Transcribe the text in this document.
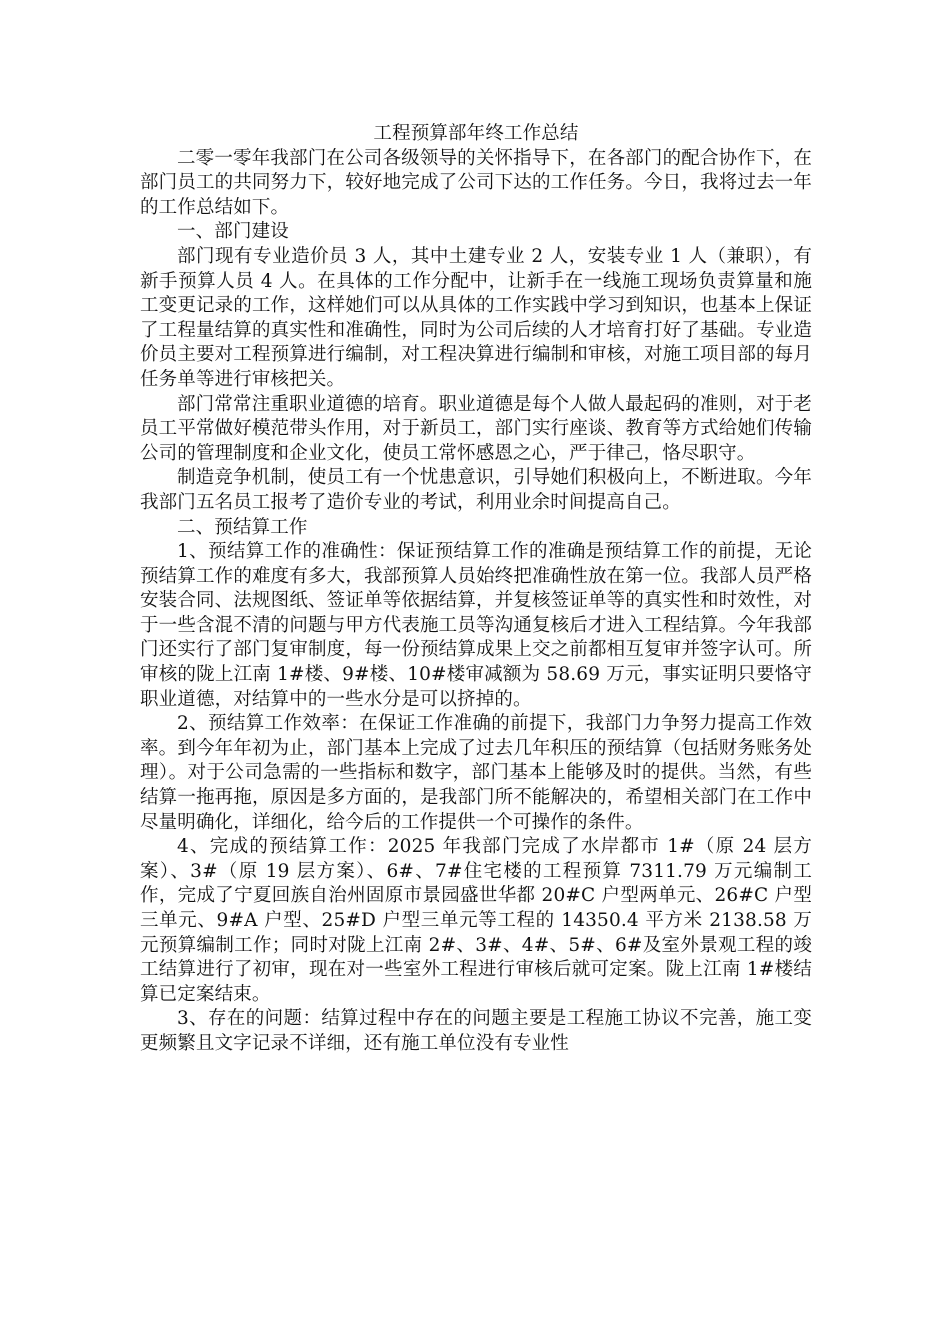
工程预算部年终工作总结

二零一零年我部门在公司各级领导的关怀指导下，在各部门的配合协作下，在部门员工的共同努力下，较好地完成了公司下达的工作任务。今日，我将过去一年的工作总结如下。

一、部门建设

部门现有专业造价员 3 人，其中土建专业 2 人，安装专业 1 人（兼职），有新手预算人员 4 人。在具体的工作分配中，让新手在一线施工现场负责算量和施工变更记录的工作，这样她们可以从具体的工作实践中学习到知识，也基本上保证了工程量结算的真实性和准确性，同时为公司后续的人才培育打好了基础。专业造价员主要对工程预算进行编制，对工程决算进行编制和审核，对施工项目部的每月任务单等进行审核把关。

部门常常注重职业道德的培育。职业道德是每个人做人最起码的准则，对于老员工平常做好模范带头作用，对于新员工，部门实行座谈、教育等方式给她们传输公司的管理制度和企业文化，使员工常怀感恩之心，严于律己，恪尽职守。

制造竞争机制，使员工有一个忧患意识，引导她们积极向上，不断进取。今年我部门五名员工报考了造价专业的考试，利用业余时间提高自己。

二、预结算工作

1、预结算工作的准确性：保证预结算工作的准确是预结算工作的前提，无论预结算工作的难度有多大，我部预算人员始终把准确性放在第一位。我部人员严格安装合同、法规图纸、签证单等依据结算，并复核签证单等的真实性和时效性，对于一些含混不清的问题与甲方代表施工员等沟通复核后才进入工程结算。今年我部门还实行了部门复审制度，每一份预结算成果上交之前都相互复审并签字认可。所审核的陇上江南 1#楼、9#楼、10#楼审减额为 58.69 万元，事实证明只要恪守职业道德，对结算中的一些水分是可以挤掉的。

2、预结算工作效率：在保证工作准确的前提下，我部门力争努力提高工作效率。到今年年初为止，部门基本上完成了过去几年积压的预结算（包括财务账务处理）。对于公司急需的一些指标和数字，部门基本上能够及时的提供。当然，有些结算一拖再拖，原因是多方面的，是我部门所不能解决的，希望相关部门在工作中尽量明确化，详细化，给今后的工作提供一个可操作的条件。

4、完成的预结算工作：2025 年我部门完成了水岸都市 1#（原 24 层方案）、3#（原 19 层方案）、6#、7#住宅楼的工程预算 7311.79 万元编制工作，完成了宁夏回族自治州固原市景园盛世华都 20#C 户型两单元、26#C 户型三单元、9#A 户型、25#D 户型三单元等工程的 14350.4 平方米 2138.58 万元预算编制工作；同时对陇上江南 2#、3#、4#、5#、6#及室外景观工程的竣工结算进行了初审，现在对一些室外工程进行审核后就可定案。陇上江南 1#楼结算已定案结束。

3、存在的问题：结算过程中存在的问题主要是工程施工协议不完善，施工变更频繁且文字记录不详细，还有施工单位没有专业性
